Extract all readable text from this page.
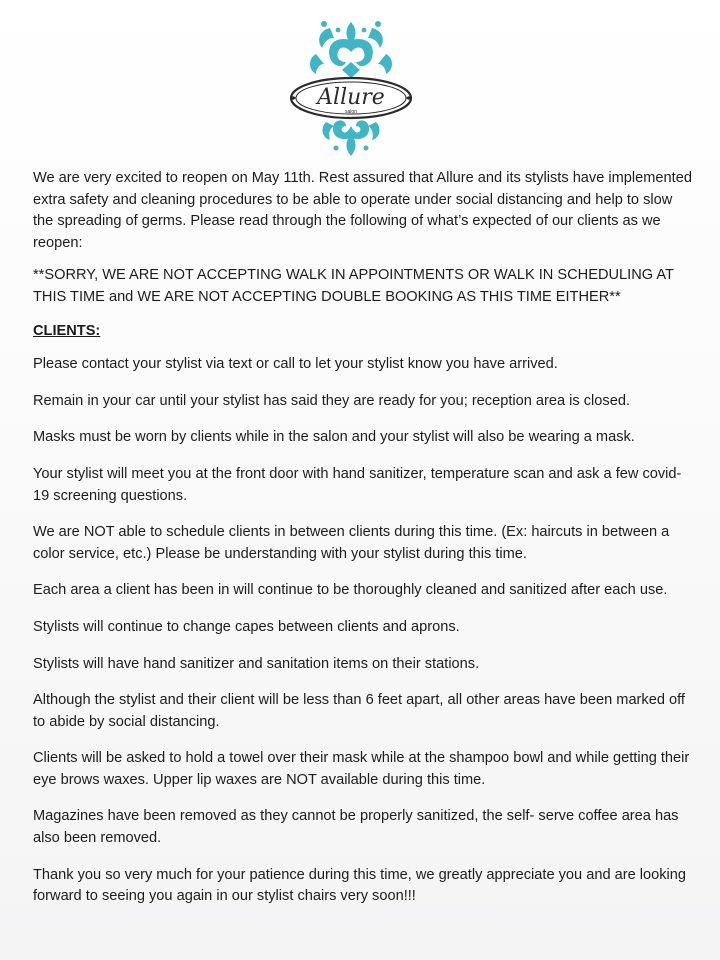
Allure
salon

We are very excited to reopen on May 11th. Rest assured that Allure and its stylists have implemented extra safety and cleaning procedures to be able to operate under social distancing and help to slow the spreading of germs. Please read through the following of what’s expected of our clients as we reopen:

**SORRY, WE ARE NOT ACCEPTING WALK IN APPOINTMENTS OR WALK IN SCHEDULING AT THIS TIME and WE ARE NOT ACCEPTING DOUBLE BOOKING AS THIS TIME EITHER**

CLIENTS:

Please contact your stylist via text or call to let your stylist know you have arrived.

Remain in your car until your stylist has said they are ready for you; reception area is closed.

Masks must be worn by clients while in the salon and your stylist will also be wearing a mask.

Your stylist will meet you at the front door with hand sanitizer, temperature scan and ask a few covid-19 screening questions.

We are NOT able to schedule clients in between clients during this time. (Ex: haircuts in between a color service, etc.) Please be understanding with your stylist during this time.

Each area a client has been in will continue to be thoroughly cleaned and sanitized after each use.

Stylists will continue to change capes between clients and aprons.

Stylists will have hand sanitizer and sanitation items on their stations.

Although the stylist and their client will be less than 6 feet apart, all other areas have been marked off to abide by social distancing.

Clients will be asked to hold a towel over their mask while at the shampoo bowl and while getting their eye brows waxes. Upper lip waxes are NOT available during this time.

Magazines have been removed as they cannot be properly sanitized, the self- serve coffee area has also been removed.

Thank you so very much for your patience during this time, we greatly appreciate you and are looking forward to seeing you again in our stylist chairs very soon!!!
